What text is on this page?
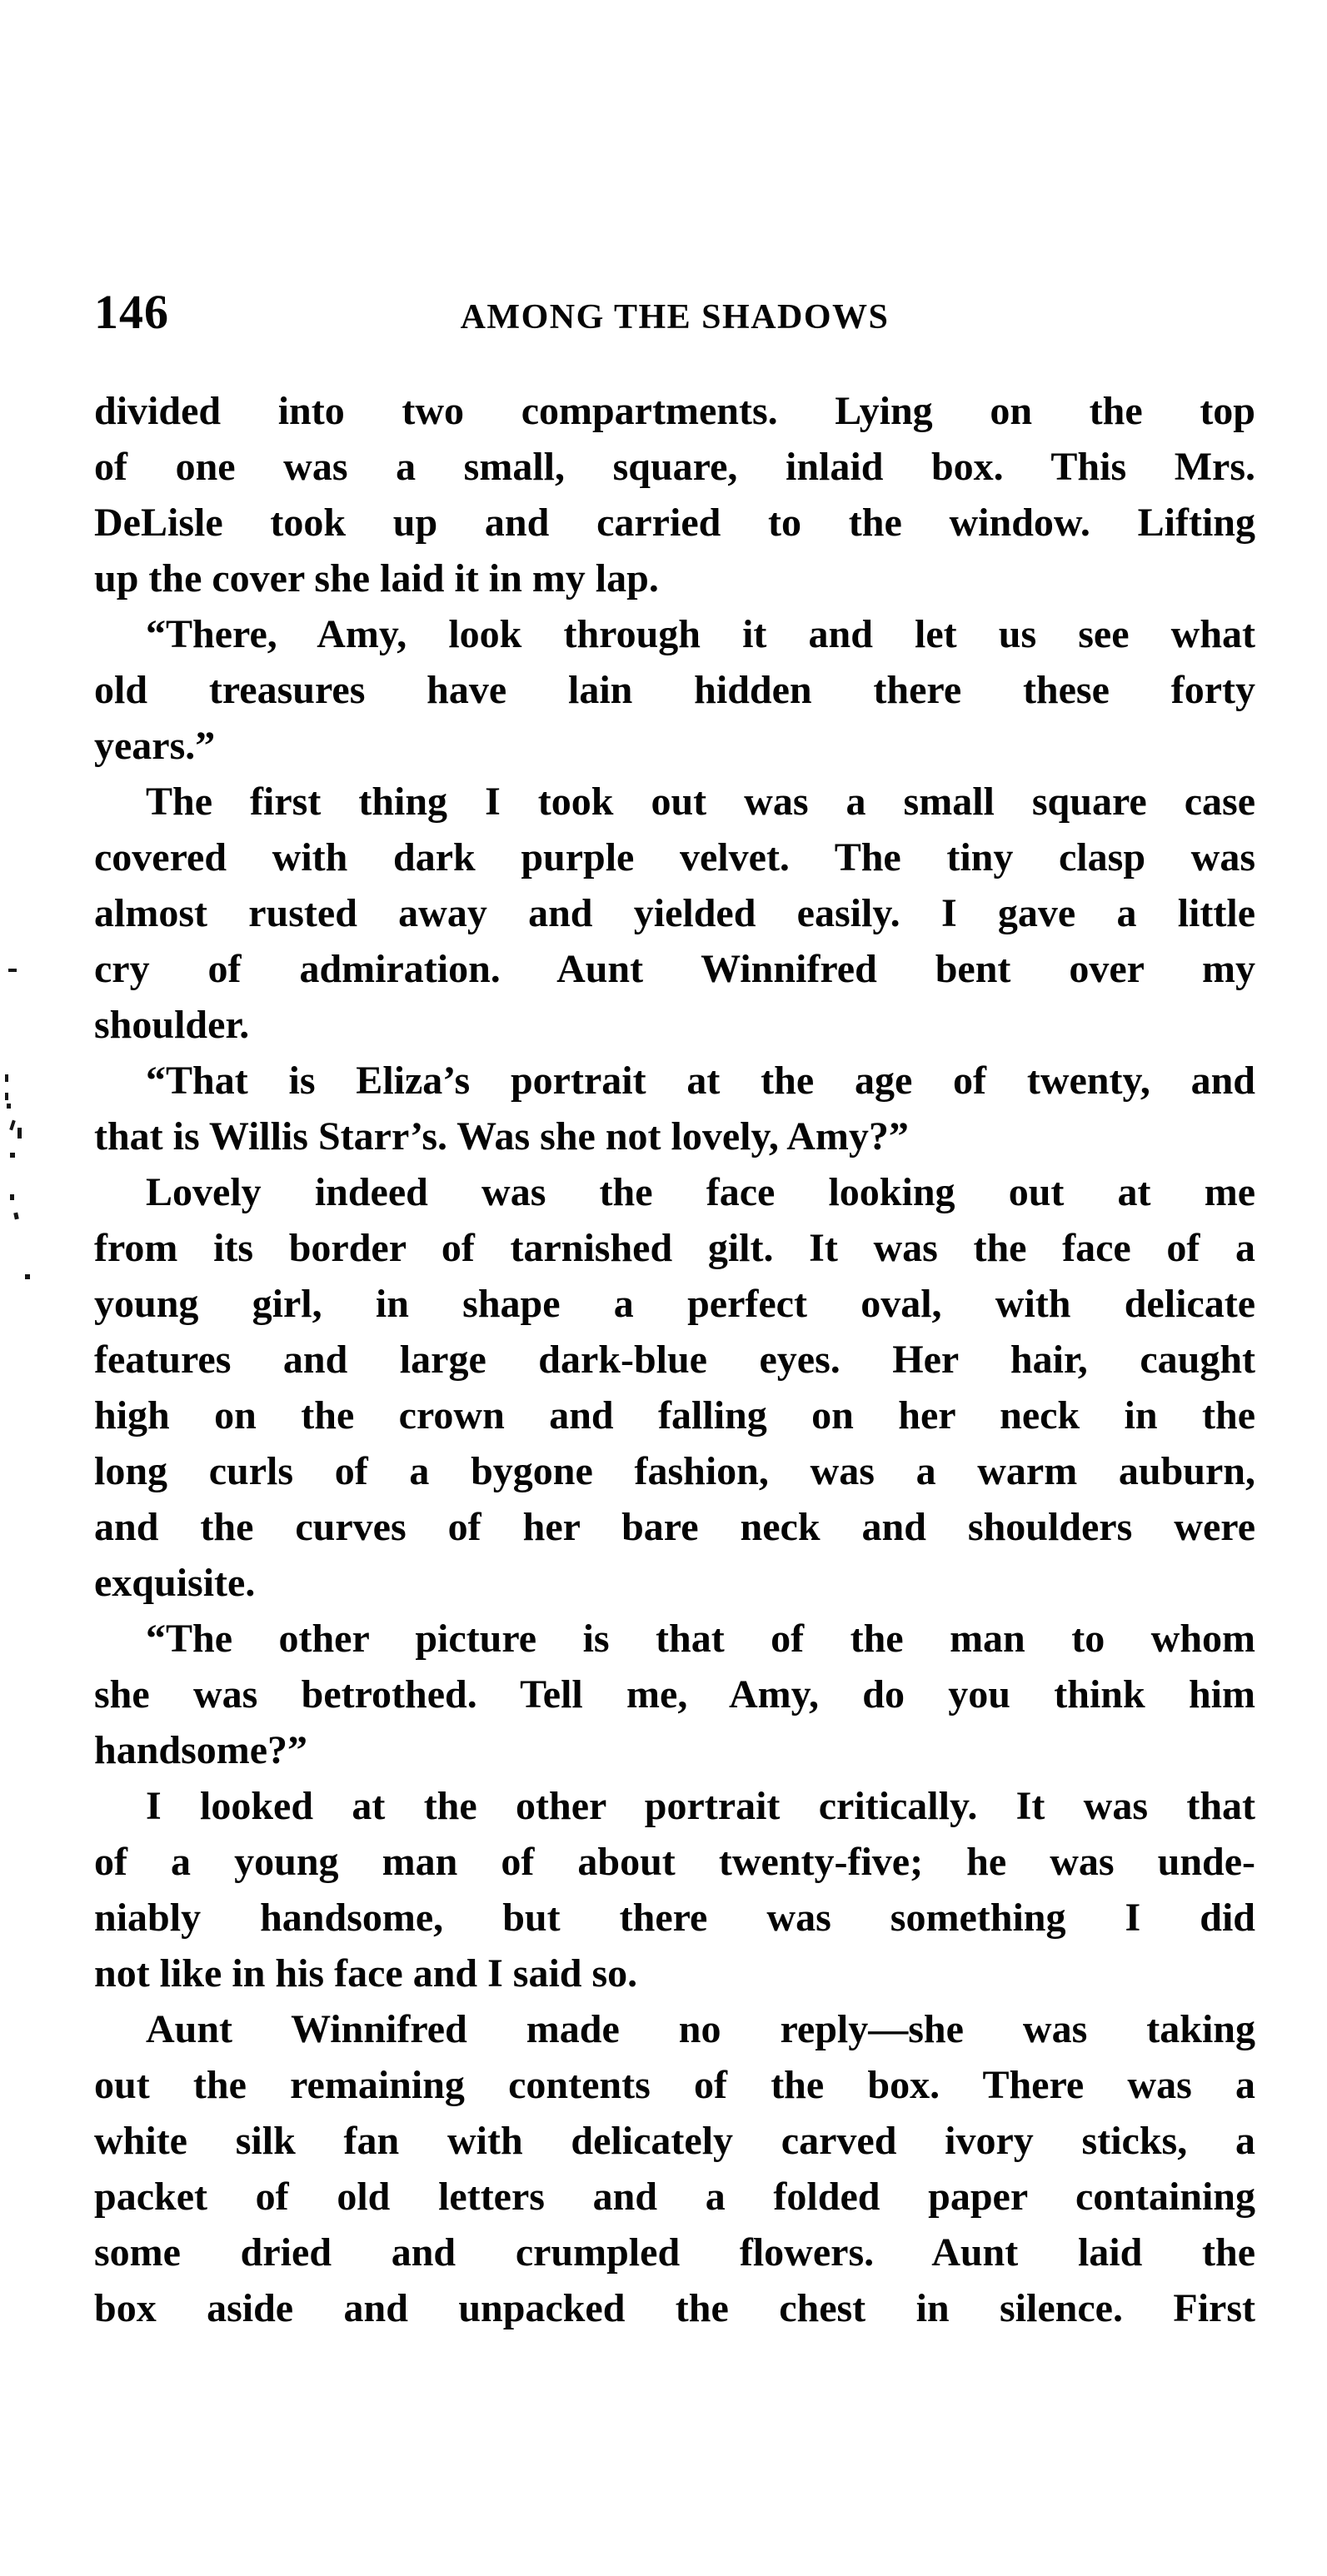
146	AMONG THE SHADOWS
divided into two compartments. Lying on the top
of one was a small, square, inlaid box. This Mrs.
DeLisle took up and carried to the window. Lifting
up the cover she laid it in my lap.
“There, Amy, look through it and let us see what
old treasures have lain hidden there these forty
years.”
The first thing I took out was a small square case
covered with dark purple velvet. The tiny clasp was
almost rusted away and yielded easily. I gave a little
cry of admiration. Aunt Winnifred bent over my
shoulder.
“That is Eliza’s portrait at the age of twenty, and
that is Willis Starr’s. Was she not lovely, Amy?”
Lovely indeed was the face looking out at me
from its border of tarnished gilt. It was the face of a
young girl, in shape a perfect oval, with delicate
features and large dark-blue eyes. Her hair, caught
high on the crown and falling on her neck in the
long curls of a bygone fashion, was a warm auburn,
and the curves of her bare neck and shoulders were
exquisite.
“The other picture is that of the man to whom
she was betrothed. Tell me, Amy, do you think him
handsome?”
I looked at the other portrait critically. It was that
of a young man of about twenty-five; he was unde-
niably handsome, but there was something I did
not like in his face and I said so.
Aunt Winnifred made no reply—she was taking
out the remaining contents of the box. There was a
white silk fan with delicately carved ivory sticks, a
packet of old letters and a folded paper containing
some dried and crumpled flowers. Aunt laid the
box aside and unpacked the chest in silence. First
